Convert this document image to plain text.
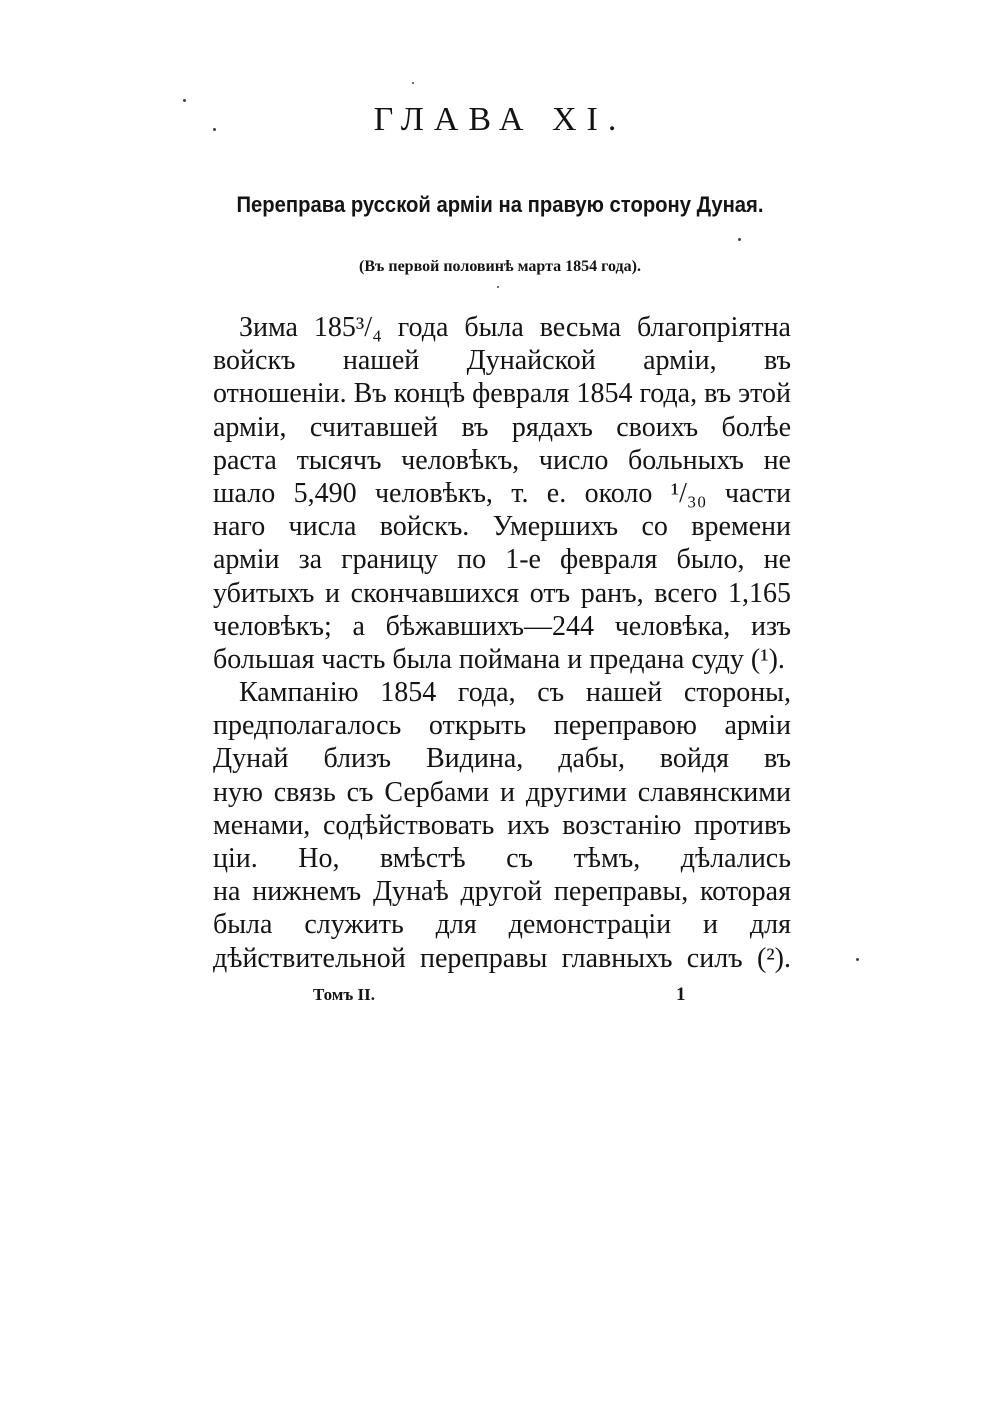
ГЛАВА XI.
Переправа русской арміи на правую сторону Дуная.
(Въ первой половинѣ марта 1854 года).
Зима 185³/₄ года была весьма благопріятна
войскъ нашей Дунайской арміи, въ
отношеніи. Въ концѣ февраля 1854 года, въ этой
арміи, считавшей въ рядахъ своихъ болѣе
раста тысячъ человѣкъ, число больныхъ не
шало 5,490 человѣкъ, т. е. около ¹/₃₀ части
наго числа войскъ. Умершихъ со времени
арміи за границу по 1-е февраля было, не
убитыхъ и скончавшихся отъ ранъ, всего 1,165
человѣкъ; а бѣжавшихъ—244 человѣка, изъ
большая часть была поймана и предана суду (¹).
Кампанію 1854 года, съ нашей стороны,
предполагалось открыть переправою арміи
Дунай близъ Видина, дабы, войдя въ
ную связь съ Сербами и другими славянскими
менами, содѣйствовать ихъ возстанію противъ
ціи. Но, вмѣстѣ съ тѣмъ, дѣлались
на нижнемъ Дунаѣ другой переправы, которая
была служить для демонстраціи и для
дѣйствительной переправы главныхъ силъ (²).
Томъ II.	1
